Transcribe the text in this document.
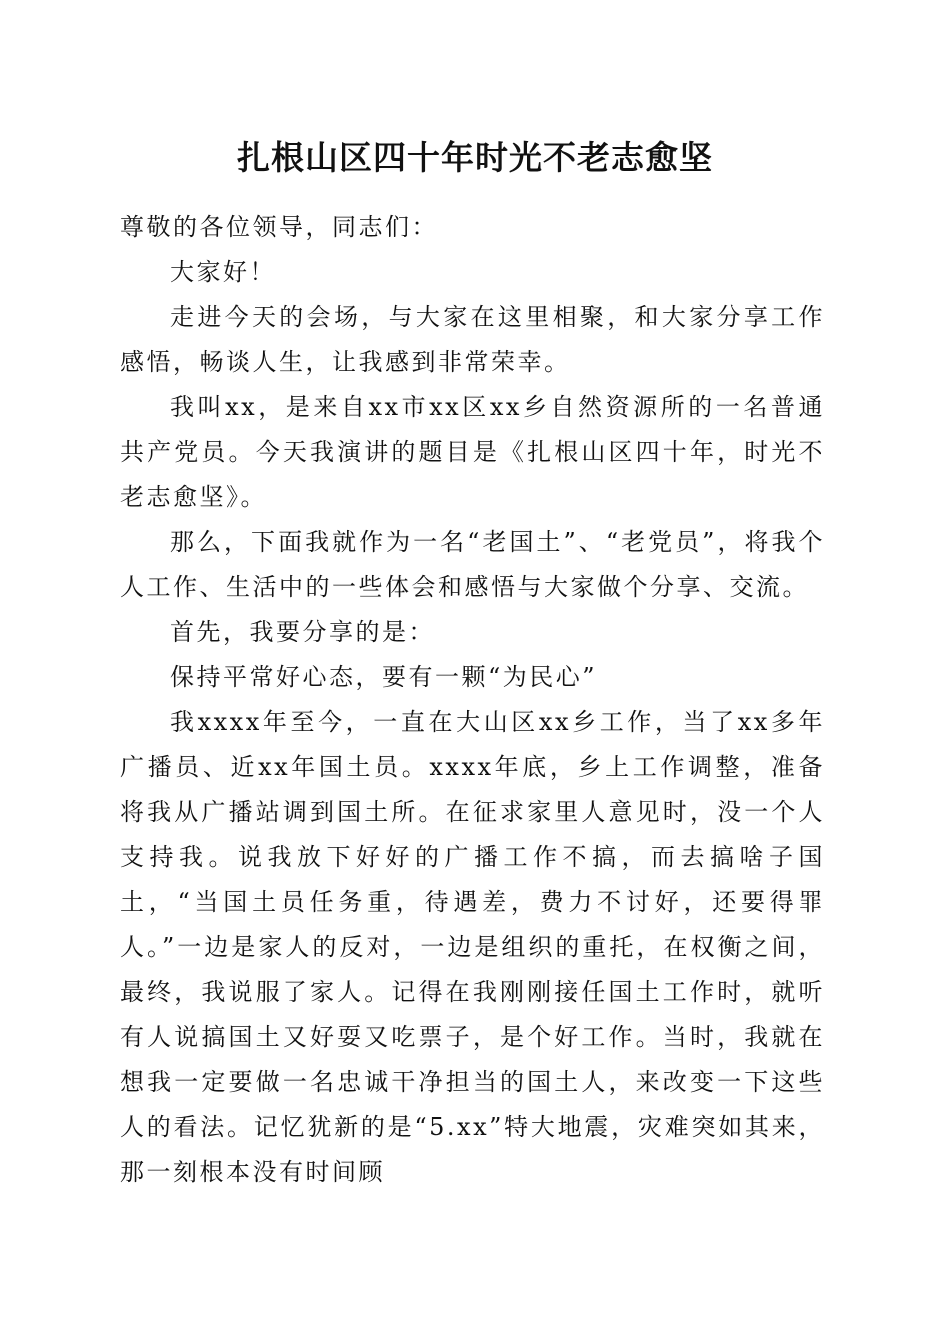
扎根山区四十年时光不老志愈坚

尊敬的各位领导，同志们：

大家好！

走进今天的会场，与大家在这里相聚，和大家分享工作感悟，畅谈人生，让我感到非常荣幸。

我叫xx，是来自xx市xx区xx乡自然资源所的一名普通共产党员。今天我演讲的题目是《扎根山区四十年，时光不老志愈坚》。

那么，下面我就作为一名“老国土”、“老党员”，将我个人工作、生活中的一些体会和感悟与大家做个分享、交流。

首先，我要分享的是：

保持平常好心态，要有一颗“为民心”

我xxxx年至今，一直在大山区xx乡工作，当了xx多年广播员、近xx年国土员。xxxx年底，乡上工作调整，准备将我从广播站调到国土所。在征求家里人意见时，没一个人支持我。说我放下好好的广播工作不搞，而去搞啥子国土，“当国土员任务重，待遇差，费力不讨好，还要得罪人。”一边是家人的反对，一边是组织的重托，在权衡之间，最终，我说服了家人。记得在我刚刚接任国土工作时，就听有人说搞国土又好耍又吃票子，是个好工作。当时，我就在想我一定要做一名忠诚干净担当的国土人，来改变一下这些人的看法。记忆犹新的是“5.xx”特大地震，灾难突如其来，那一刻根本没有时间顾
